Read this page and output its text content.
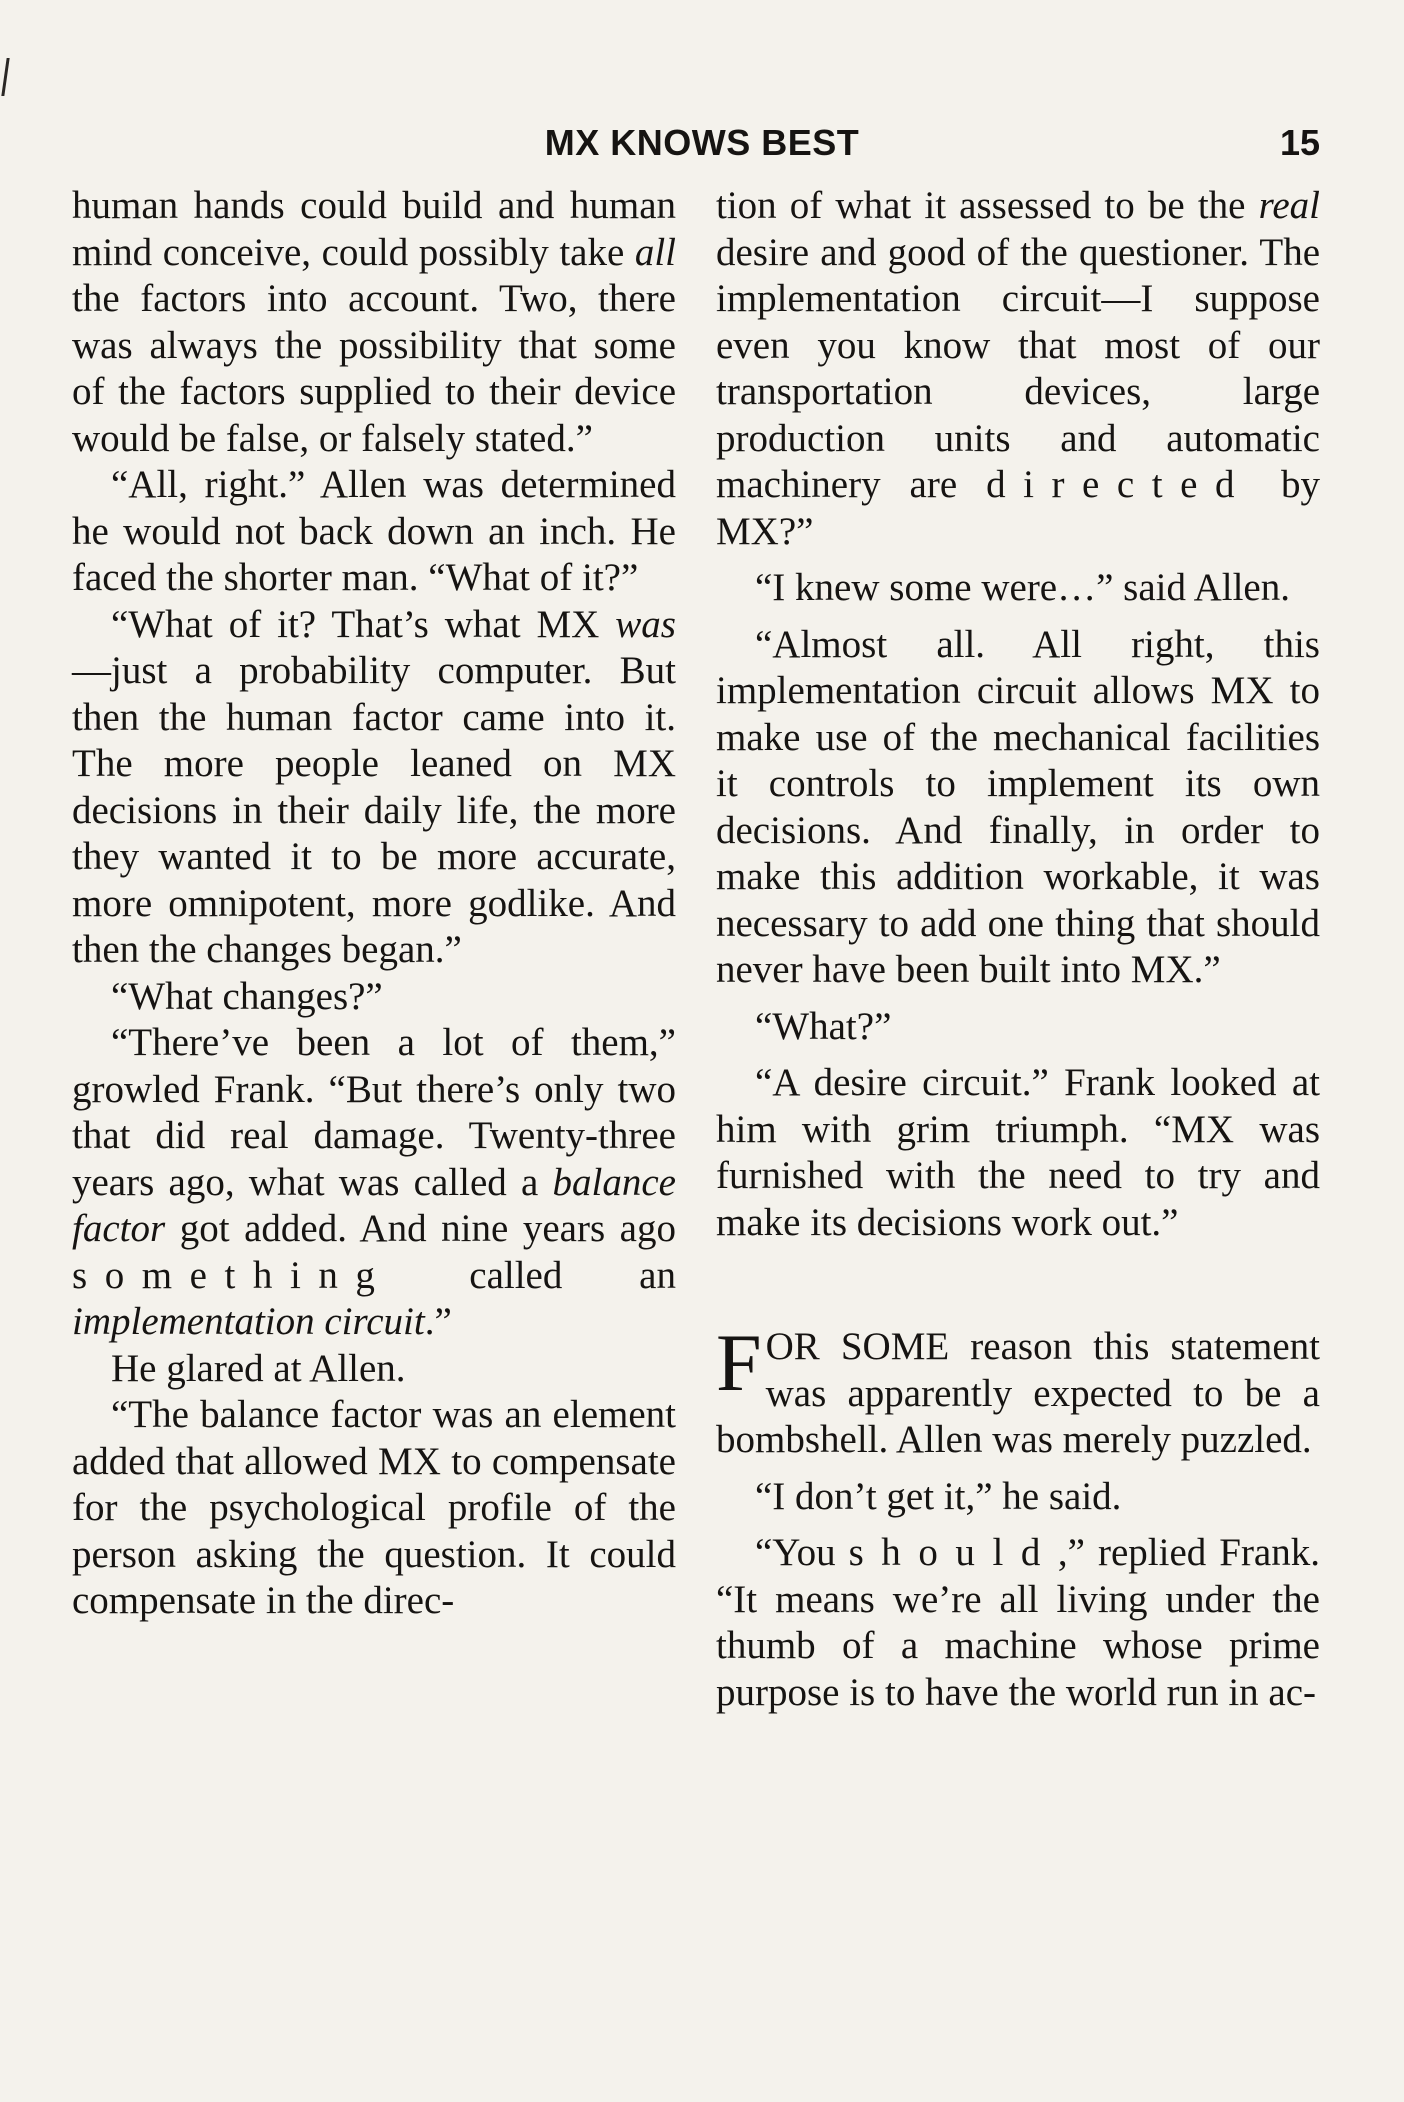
MX KNOWS BEST	15

human hands could build and human mind conceive, could possibly take all the factors into account. Two, there was always the possibility that some of the factors supplied to their device would be false, or falsely stated.”

“All, right.” Allen was determined he would not back down an inch. He faced the shorter man. “What of it?”

“What of it? That’s what MX was—just a probability computer. But then the human factor came into it. The more people leaned on MX decisions in their daily life, the more they wanted it to be more accurate, more omnipotent, more godlike. And then the changes began.”

“What changes?”

“There’ve been a lot of them,” growled Frank. “But there’s only two that did real damage. Twenty-three years ago, what was called a balance factor got added. And nine years ago something called an implementation circuit.”

He glared at Allen.

“The balance factor was an element added that allowed MX to compensate for the psychological profile of the person asking the question. It could compensate in the direc-

tion of what it assessed to be the real desire and good of the questioner. The implementation circuit—I suppose even you know that most of our transportation devices, large production units and automatic machinery are directed by MX?”

“I knew some were…” said Allen.

“Almost all. All right, this implementation circuit allows MX to make use of the mechanical facilities it controls to implement its own decisions. And finally, in order to make this addition workable, it was necessary to add one thing that should never have been built into MX.”

“What?”

“A desire circuit.” Frank looked at him with grim triumph. “MX was furnished with the need to try and make its decisions work out.”

FOR SOME reason this statement was apparently expected to be a bombshell. Allen was merely puzzled.

“I don’t get it,” he said.

“You should,” replied Frank. “It means we’re all living under the thumb of a machine whose prime purpose is to have the world run in ac-
